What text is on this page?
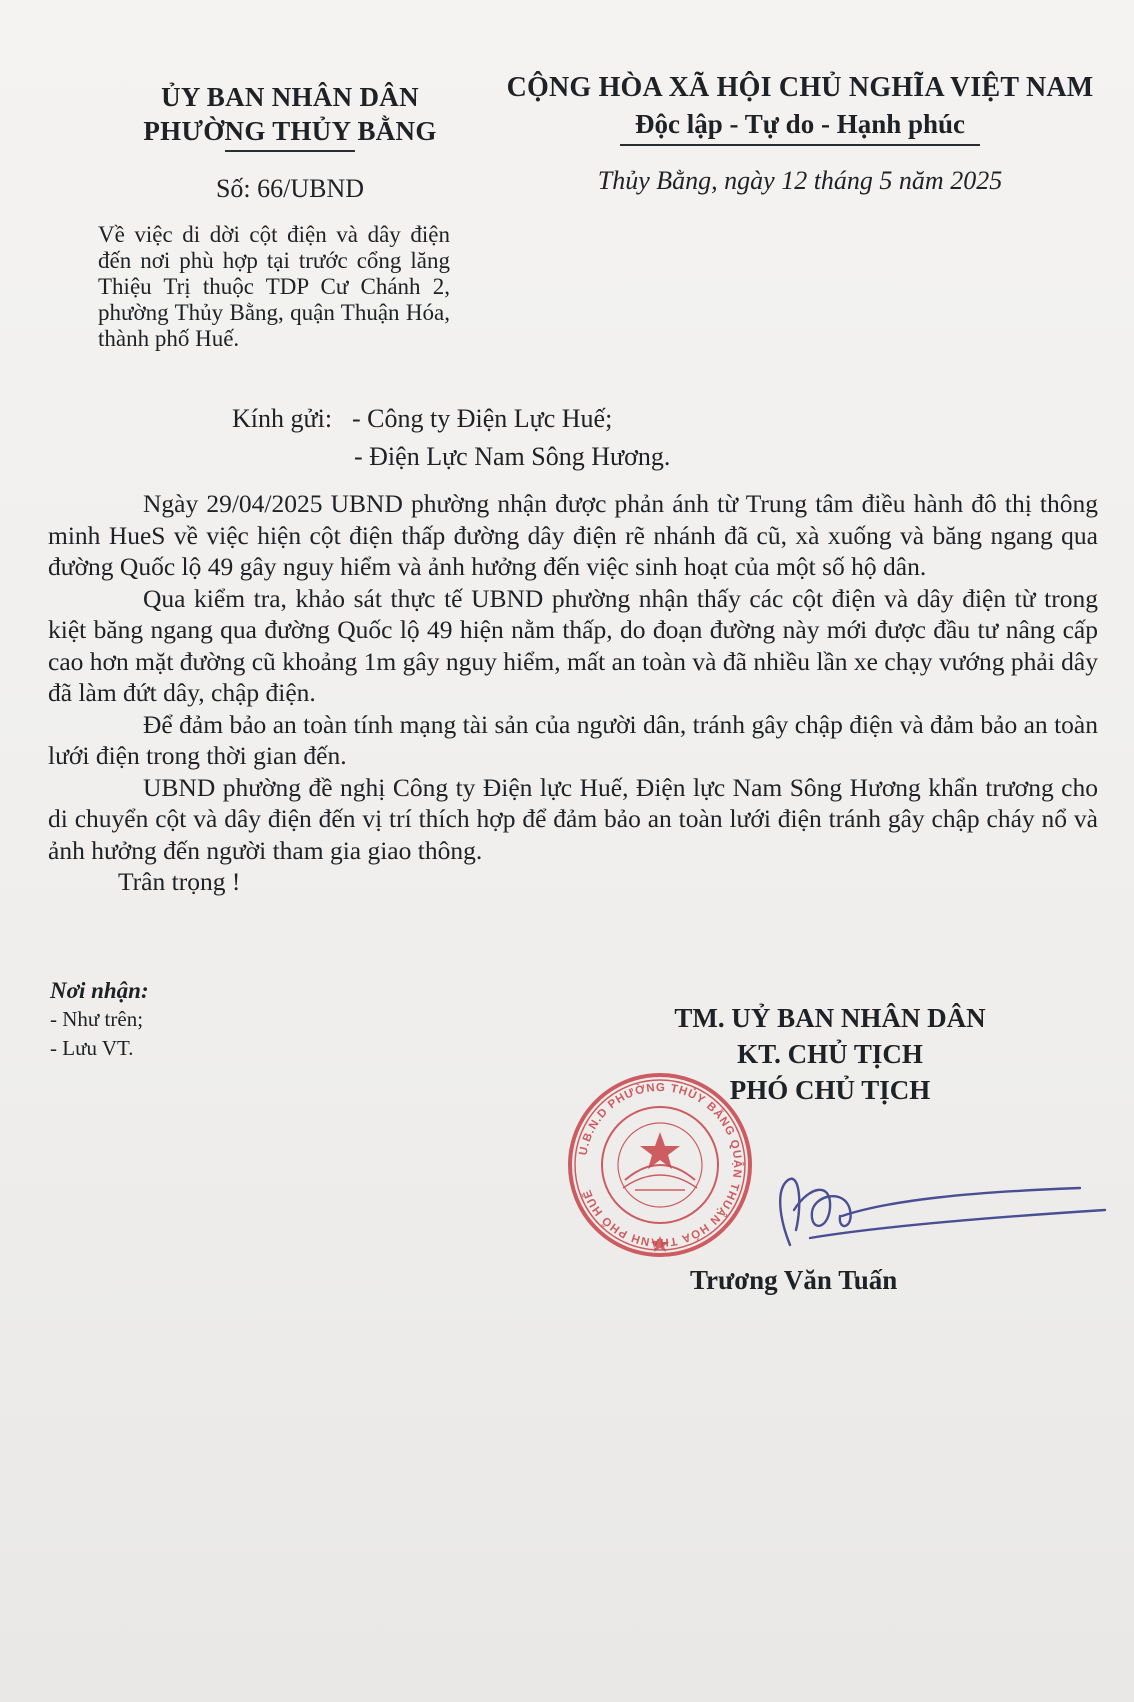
ỦY BAN NHÂN DÂN
PHƯỜNG THỦY BẰNG
Số: 66/UBND
CỘNG HÒA XÃ HỘI CHỦ NGHĨA VIỆT NAM
Độc lập - Tự do - Hạnh phúc
Thủy Bằng, ngày 12 tháng 5 năm 2025
Về việc di dời cột điện và dây điện đến nơi phù hợp tại trước cổng lăng Thiệu Trị thuộc TDP Cư Chánh 2, phường Thủy Bằng, quận Thuận Hóa, thành phố Huế.
Kính gửi: - Công ty Điện Lực Huế;
- Điện Lực Nam Sông Hương.

Ngày 29/04/2025 UBND phường nhận được phản ánh từ Trung tâm điều hành đô thị thông minh HueS về việc hiện cột điện thấp đường dây điện rẽ nhánh đã cũ, xà xuống và băng ngang qua đường Quốc lộ 49 gây nguy hiểm và ảnh hưởng đến việc sinh hoạt của một số hộ dân.

Qua kiểm tra, khảo sát thực tế UBND phường nhận thấy các cột điện và dây điện từ trong kiệt băng ngang qua đường Quốc lộ 49 hiện nằm thấp, do đoạn đường này mới được đầu tư nâng cấp cao hơn mặt đường cũ khoảng 1m gây nguy hiểm, mất an toàn và đã nhiều lần xe chạy vướng phải dây đã làm đứt dây, chập điện.

Để đảm bảo an toàn tính mạng tài sản của người dân, tránh gây chập điện và đảm bảo an toàn lưới điện trong thời gian đến.

UBND phường đề nghị Công ty Điện lực Huế, Điện lực Nam Sông Hương khẩn trương cho di chuyển cột và dây điện đến vị trí thích hợp để đảm bảo an toàn lưới điện tránh gây chập cháy nổ và ảnh hưởng đến người tham gia giao thông.

Trân trọng !

Nơi nhận:
- Như trên;
- Lưu VT.
TM. UỶ BAN NHÂN DÂN
KT. CHỦ TỊCH
PHÓ CHỦ TỊCH
U.B.N.D PHƯỜNG THỦY BẰNG QUẬN THUẬN HÓA THÀNH PHỐ HUẾ
Trương Văn Tuấn
